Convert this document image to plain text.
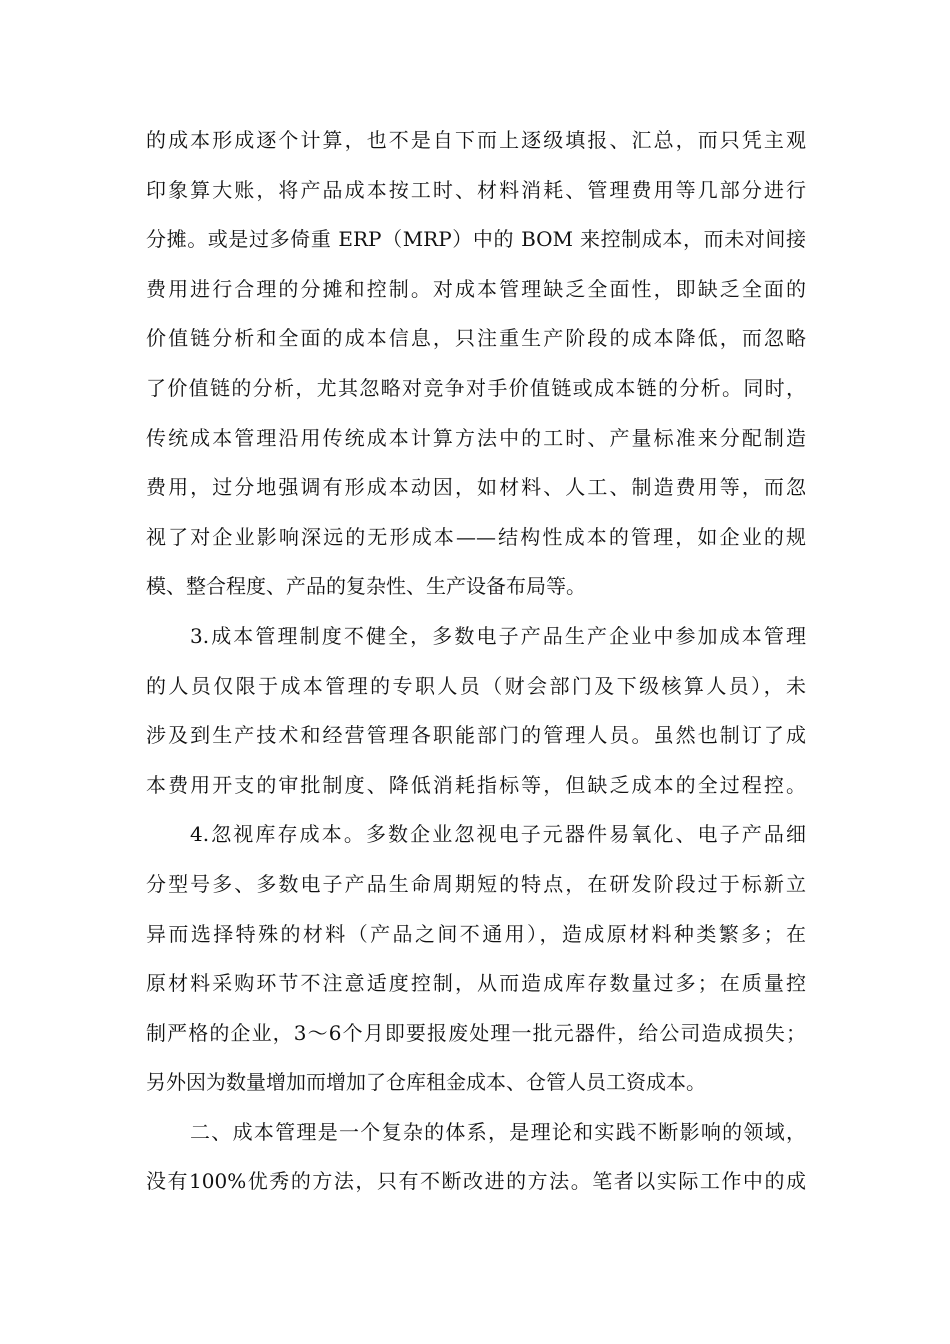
的成本形成逐个计算，也不是自下而上逐级填报、汇总，而只凭主观
印象算大账，将产品成本按工时、材料消耗、管理费用等几部分进行
分摊。或是过多倚重 ERP（MRP）中的 BOM 来控制成本，而未对间接
费用进行合理的分摊和控制。对成本管理缺乏全面性，即缺乏全面的
价值链分析和全面的成本信息，只注重生产阶段的成本降低，而忽略
了价值链的分析，尤其忽略对竞争对手价值链或成本链的分析。同时，
传统成本管理沿用传统成本计算方法中的工时、产量标准来分配制造
费用，过分地强调有形成本动因，如材料、人工、制造费用等，而忽
视了对企业影响深远的无形成本——结构性成本的管理，如企业的规
模、整合程度、产品的复杂性、生产设备布局等。
3.成本管理制度不健全，多数电子产品生产企业中参加成本管理
的人员仅限于成本管理的专职人员（财会部门及下级核算人员），未
涉及到生产技术和经营管理各职能部门的管理人员。虽然也制订了成
本费用开支的审批制度、降低消耗指标等，但缺乏成本的全过程控。
4.忽视库存成本。多数企业忽视电子元器件易氧化、电子产品细
分型号多、多数电子产品生命周期短的特点，在研发阶段过于标新立
异而选择特殊的材料（产品之间不通用），造成原材料种类繁多；在
原材料采购环节不注意适度控制，从而造成库存数量过多；在质量控
制严格的企业，3～6个月即要报废处理一批元器件，给公司造成损失；
另外因为数量增加而增加了仓库租金成本、仓管人员工资成本。
二、成本管理是一个复杂的体系，是理论和实践不断影响的领域，
没有100%优秀的方法，只有不断改进的方法。笔者以实际工作中的成
